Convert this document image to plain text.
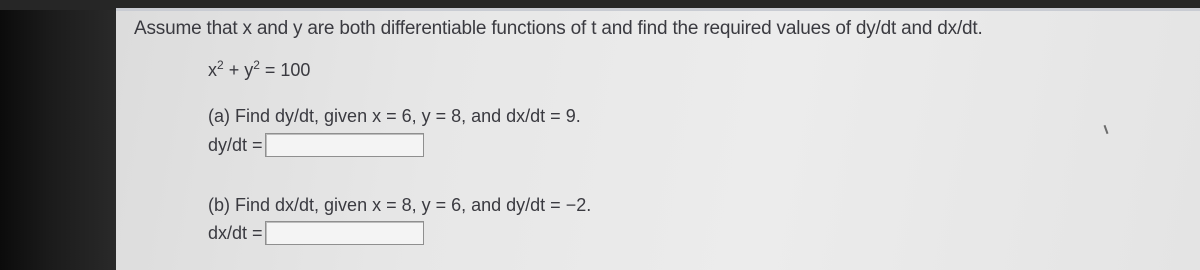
Assume that x and y are both differentiable functions of t and find the required values of dy/dt and dx/dt.
$x^2 + y^2 = 100$
(a) Find dy/dt, given x = 6, y = 8, and dx/dt = 9.
dy/dt =
(b) Find dx/dt, given x = 8, y = 6, and dy/dt = −2.
dx/dt =
